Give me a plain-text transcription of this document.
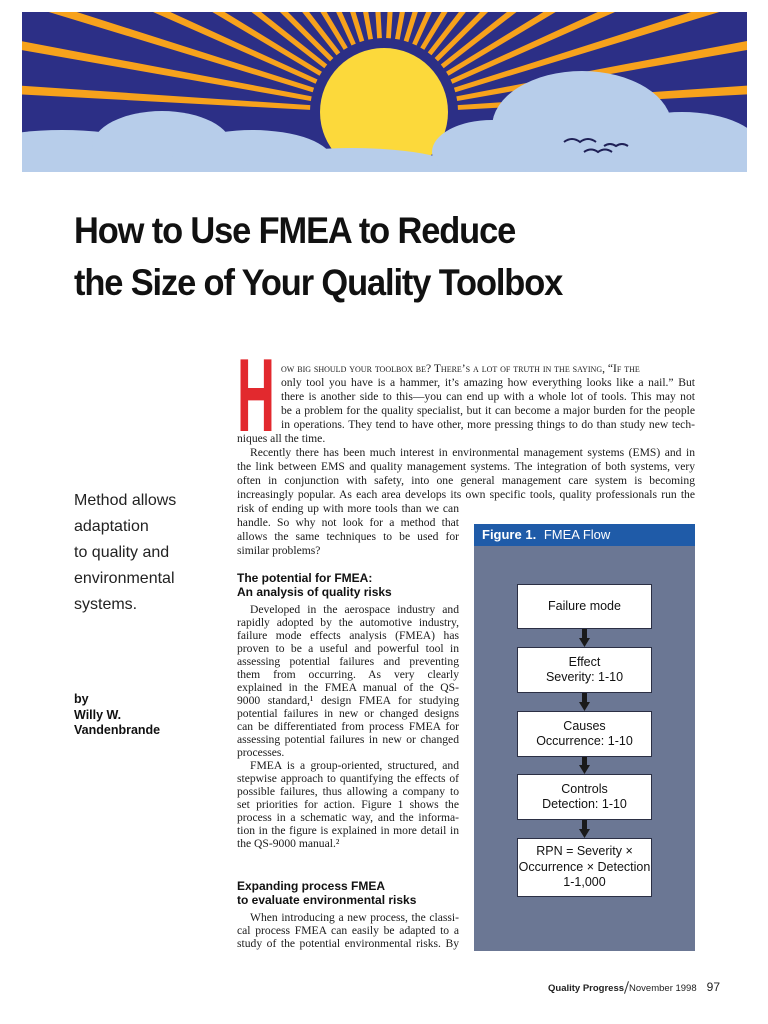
How to Use FMEA to Reduce
the Size of Your Quality Toolbox
Method allows
adaptation
to quality and
environmental
systems.
by
Willy W.
Vandenbrande
H ow big should your toolbox be? There’s a lot of truth in the saying, “If the
only tool you have is a hammer, it’s amazing how everything looks like a nail.” But
there is another side to this—you can end up with a whole lot of tools. This may not
be a problem for the quality specialist, but it can become a major burden for the people
in operations. They tend to have other, more pressing things to do than study new tech-
niques all the time.
Recently there has been much interest in environmental management systems (EMS) and in
the link between EMS and quality management systems. The integration of both systems, very
often in conjunction with safety, into one general management care system is becoming
increasingly popular. As each area develops its own specific tools, quality professionals run the
risk of ending up with more tools than we can
handle. So why not look for a method that
allows the same techniques to be used for
similar problems?
The potential for FMEA:
An analysis of quality risks
Developed in the aerospace industry and
rapidly adopted by the automotive industry,
failure mode effects analysis (FMEA) has
proven to be a useful and powerful tool in
assessing potential failures and preventing
them from occurring. As very clearly
explained in the FMEA manual of the QS-
9000 standard,¹ design FMEA for studying
potential failures in new or changed designs
can be differentiated from process FMEA for
assessing potential failures in new or changed
processes.
FMEA is a group-oriented, structured, and
stepwise approach to quantifying the effects of
possible failures, thus allowing a company to
set priorities for action. Figure 1 shows the
process in a schematic way, and the informa-
tion in the figure is explained in more detail in
the QS-9000 manual.²
Expanding process FMEA
to evaluate environmental risks
When introducing a new process, the classi-
cal process FMEA can easily be adapted to a
study of the potential environmental risks. By
Figure 1. FMEA Flow
Failure mode
Effect
Severity: 1-10
Causes
Occurrence: 1-10
Controls
Detection: 1-10
RPN = Severity ×
Occurrence × Detection
1-1,000
Quality Progress November 1998 97
